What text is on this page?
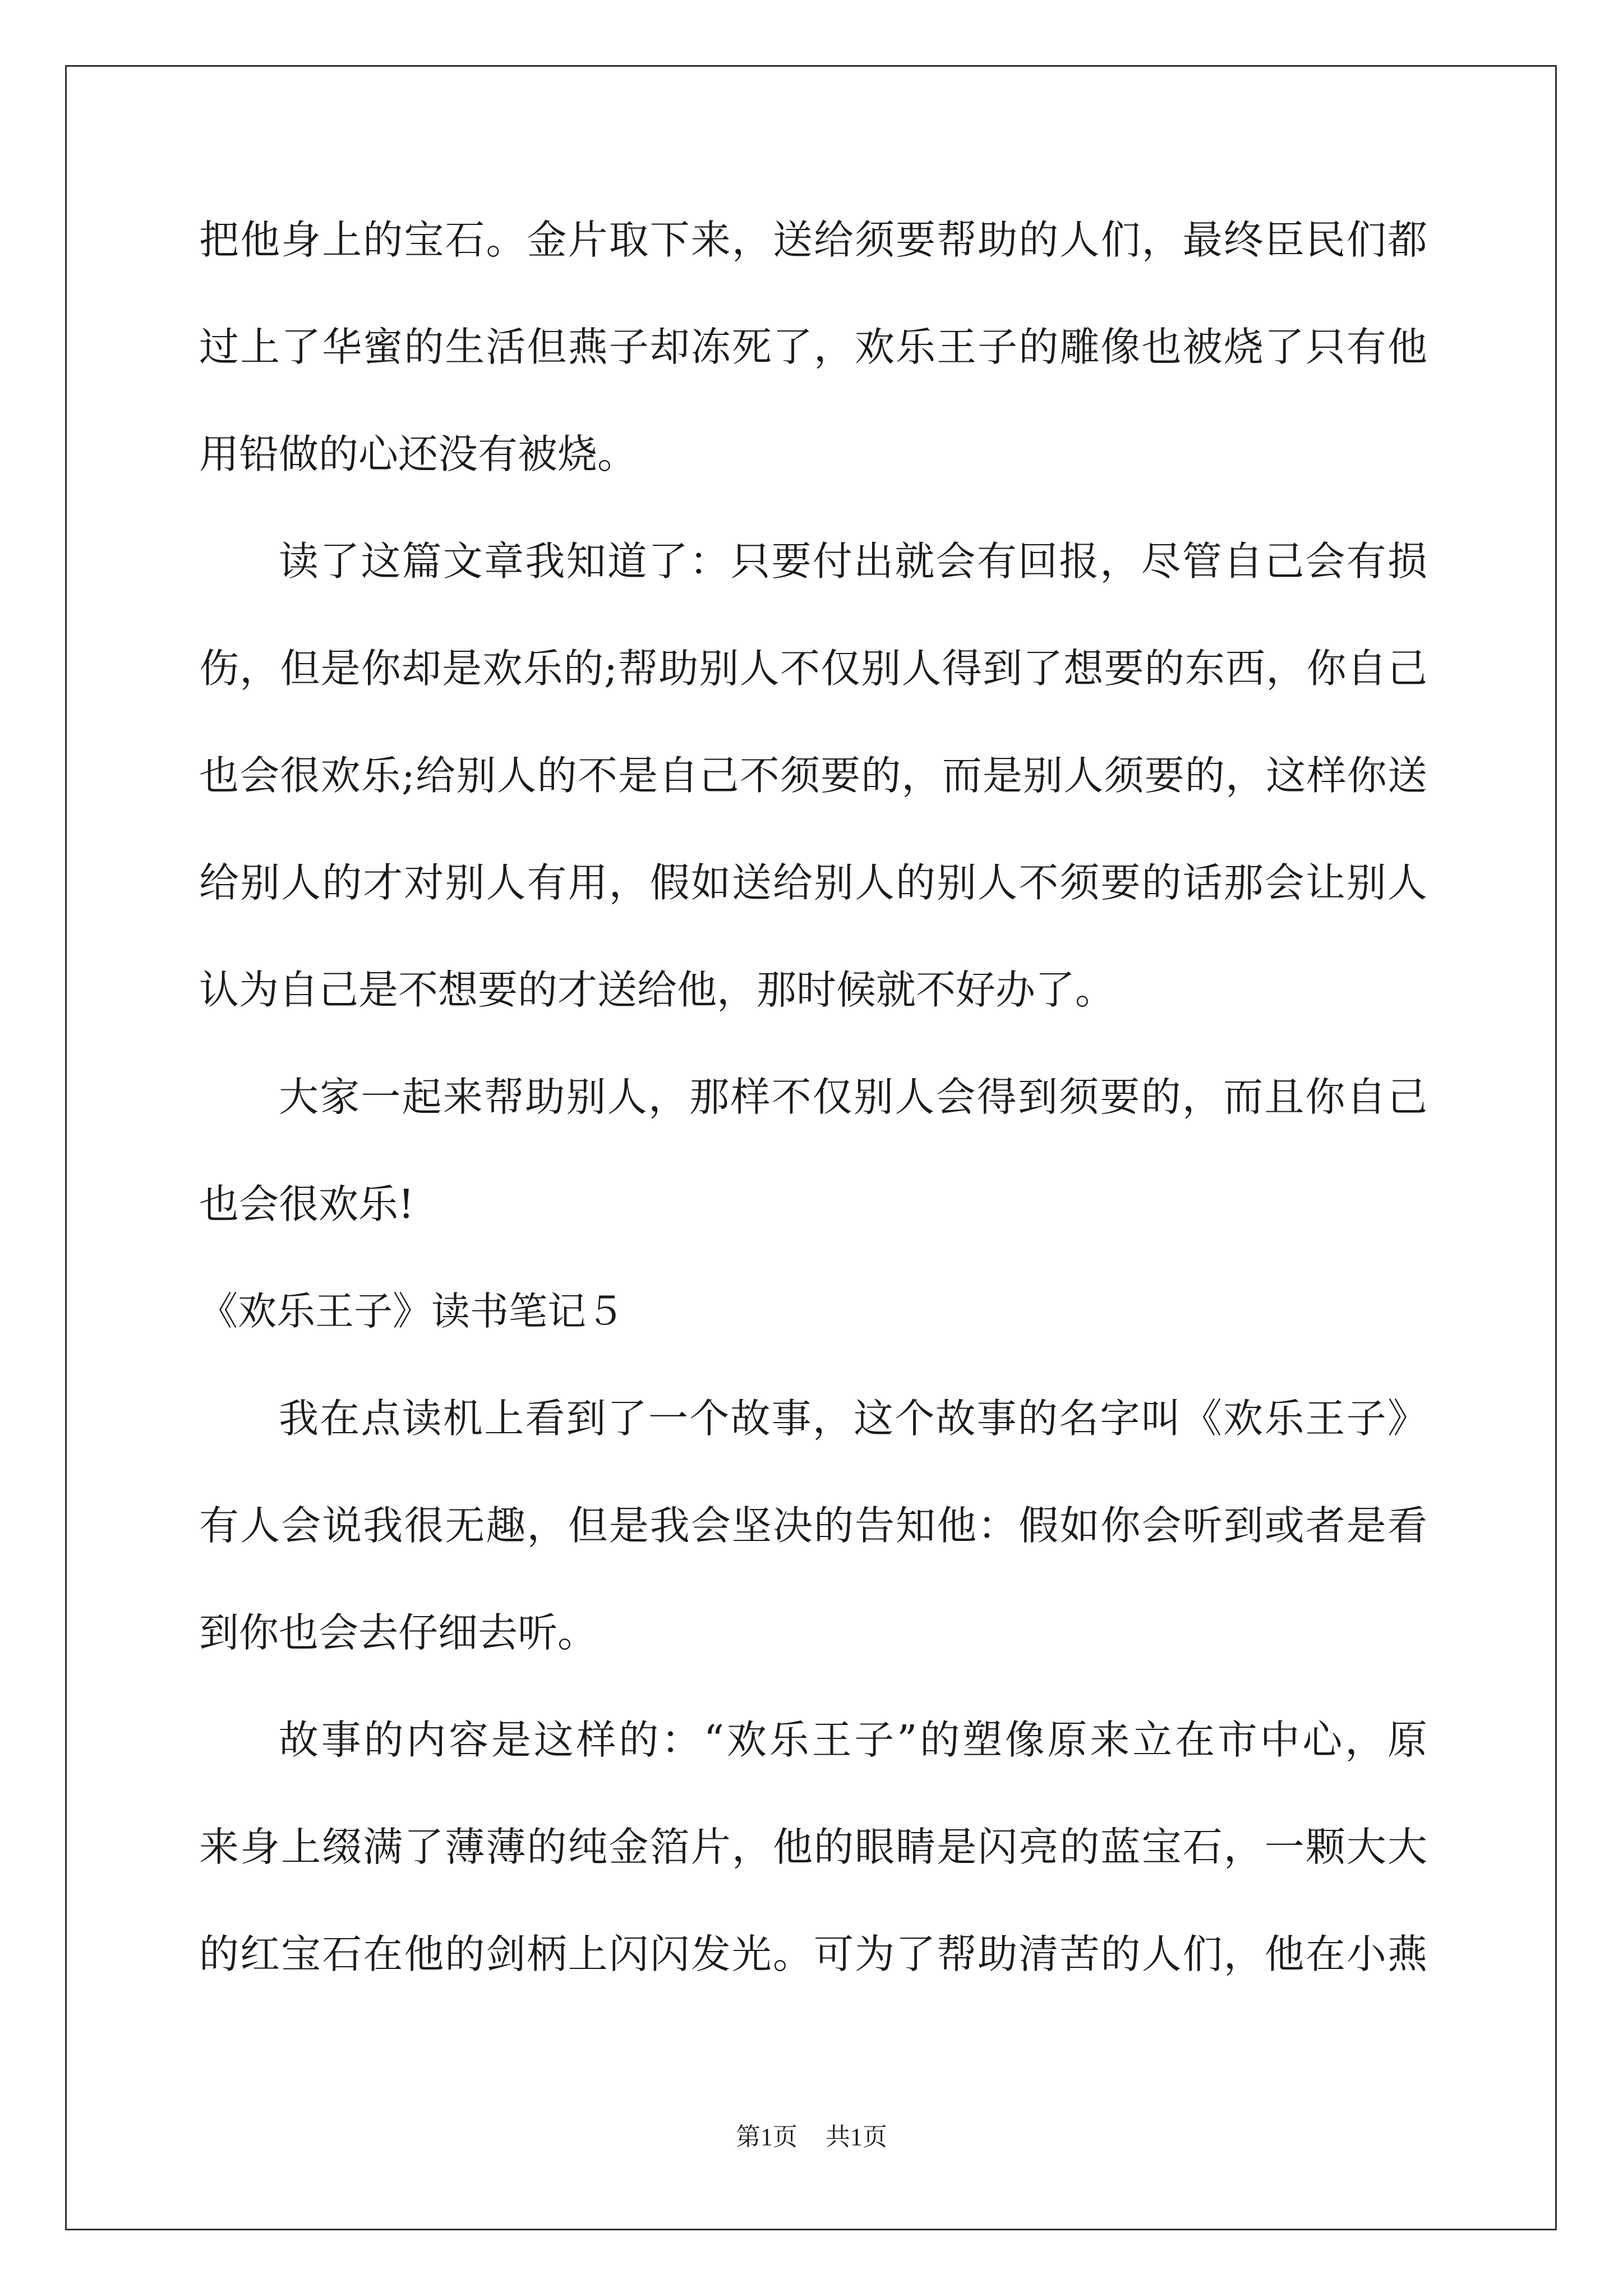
把他身上的宝石。金片取下来，送给须要帮助的人们，最终臣民们都
过上了华蜜的生活但燕子却冻死了，欢乐王子的雕像也被烧了只有他
用铅做的心还没有被烧。
读了这篇文章我知道了：只要付出就会有回报，尽管自己会有损
伤，但是你却是欢乐的;帮助别人不仅别人得到了想要的东西，你自己
也会很欢乐;给别人的不是自己不须要的，而是别人须要的，这样你送
给别人的才对别人有用，假如送给别人的别人不须要的话那会让别人
认为自己是不想要的才送给他，那时候就不好办了。
大家一起来帮助别人，那样不仅别人会得到须要的，而且你自己
也会很欢乐!
《欢乐王子》读书笔记５
我在点读机上看到了一个故事，这个故事的名字叫《欢乐王子》
有人会说我很无趣，但是我会坚决的告知他：假如你会听到或者是看
到你也会去仔细去听。
故事的内容是这样的：“欢乐王子”的塑像原来立在市中心，原
来身上缀满了薄薄的纯金箔片，他的眼睛是闪亮的蓝宝石，一颗大大
的红宝石在他的剑柄上闪闪发光。可为了帮助清苦的人们，他在小燕
第1页 共1页
